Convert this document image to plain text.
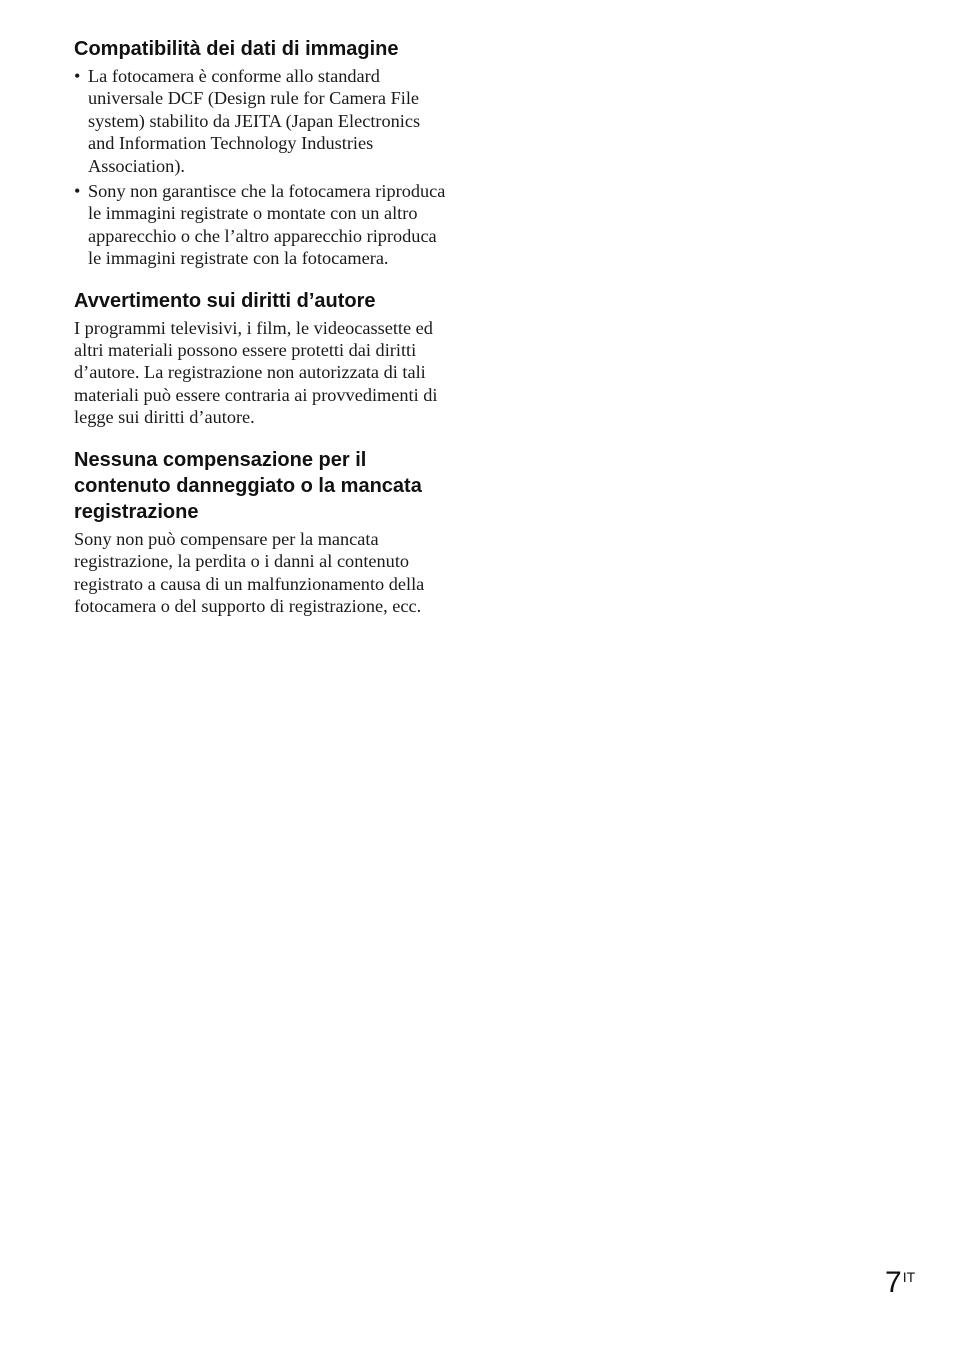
Compatibilità dei dati di immagine
• La fotocamera è conforme allo standard universale DCF (Design rule for Camera File system) stabilito da JEITA (Japan Electronics and Information Technology Industries Association).
• Sony non garantisce che la fotocamera riproduca le immagini registrate o montate con un altro apparecchio o che l’altro apparecchio riproduca le immagini registrate con la fotocamera.
Avvertimento sui diritti d’autore

I programmi televisivi, i film, le videocassette ed altri materiali possono essere protetti dai diritti d’autore. La registrazione non autorizzata di tali materiali può essere contraria ai provvedimenti di legge sui diritti d’autore.

Nessuna compensazione per il contenuto danneggiato o la mancata registrazione

Sony non può compensare per la mancata registrazione, la perdita o i danni al contenuto registrato a causa di un malfunzionamento della fotocamera o del supporto di registrazione, ecc.

7IT
